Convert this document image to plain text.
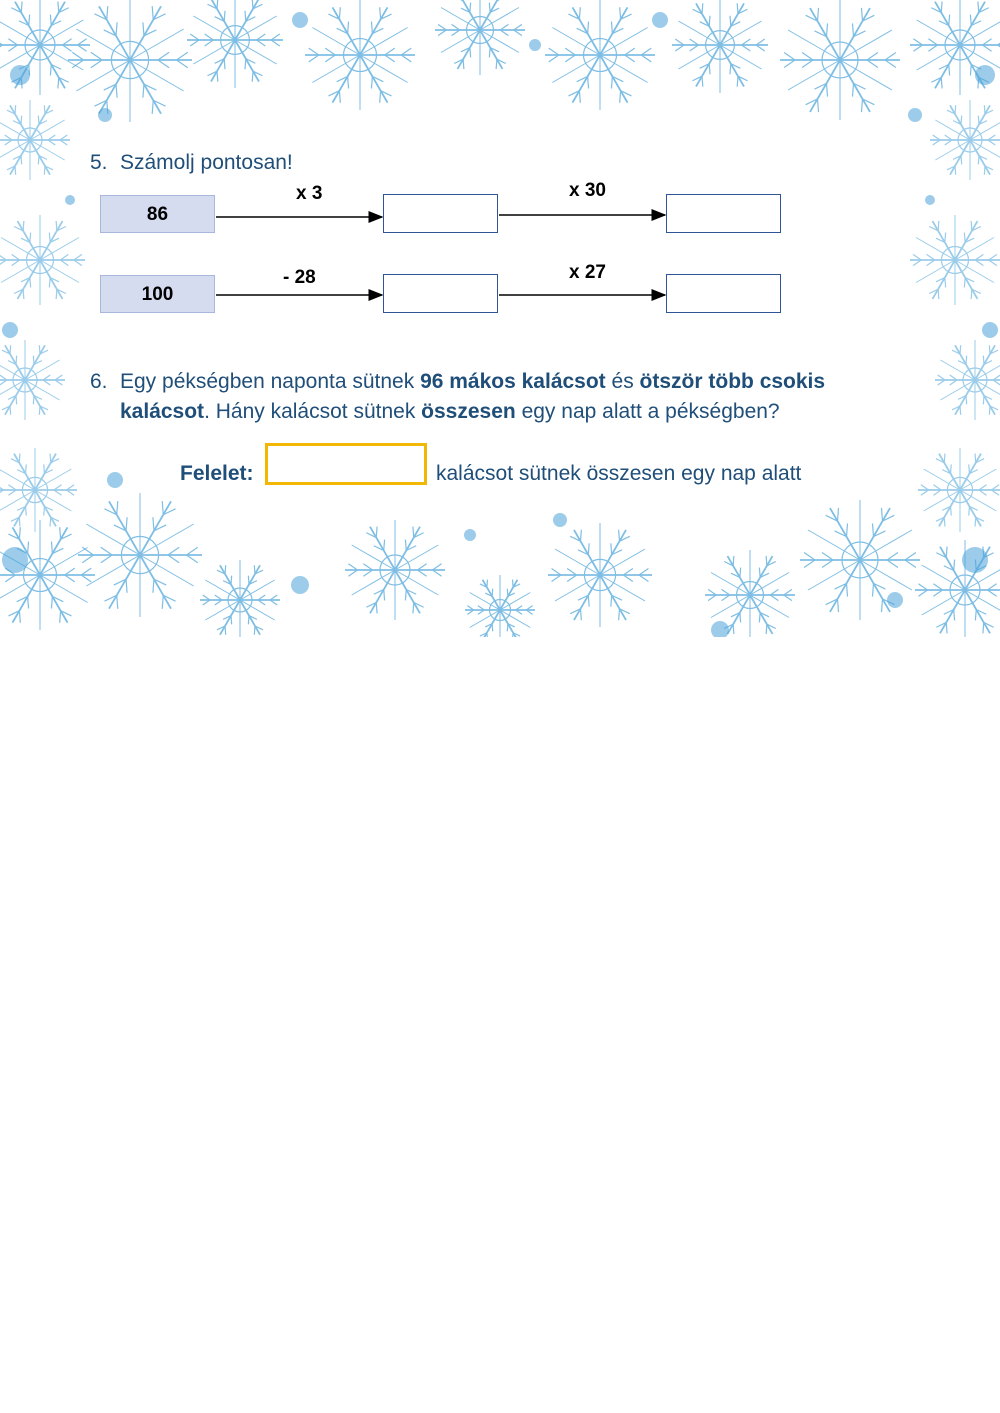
5. Számolj pontosan!
86
x 3	x 30
100
- 28	x 27
6. Egy pékségben naponta sütnek 96 mákos kalácsot és ötször több csokis
kalácsot. Hány kalácsot sütnek összesen egy nap alatt a pékségben?
Felelet:	kalácsot sütnek összesen egy nap alatt
